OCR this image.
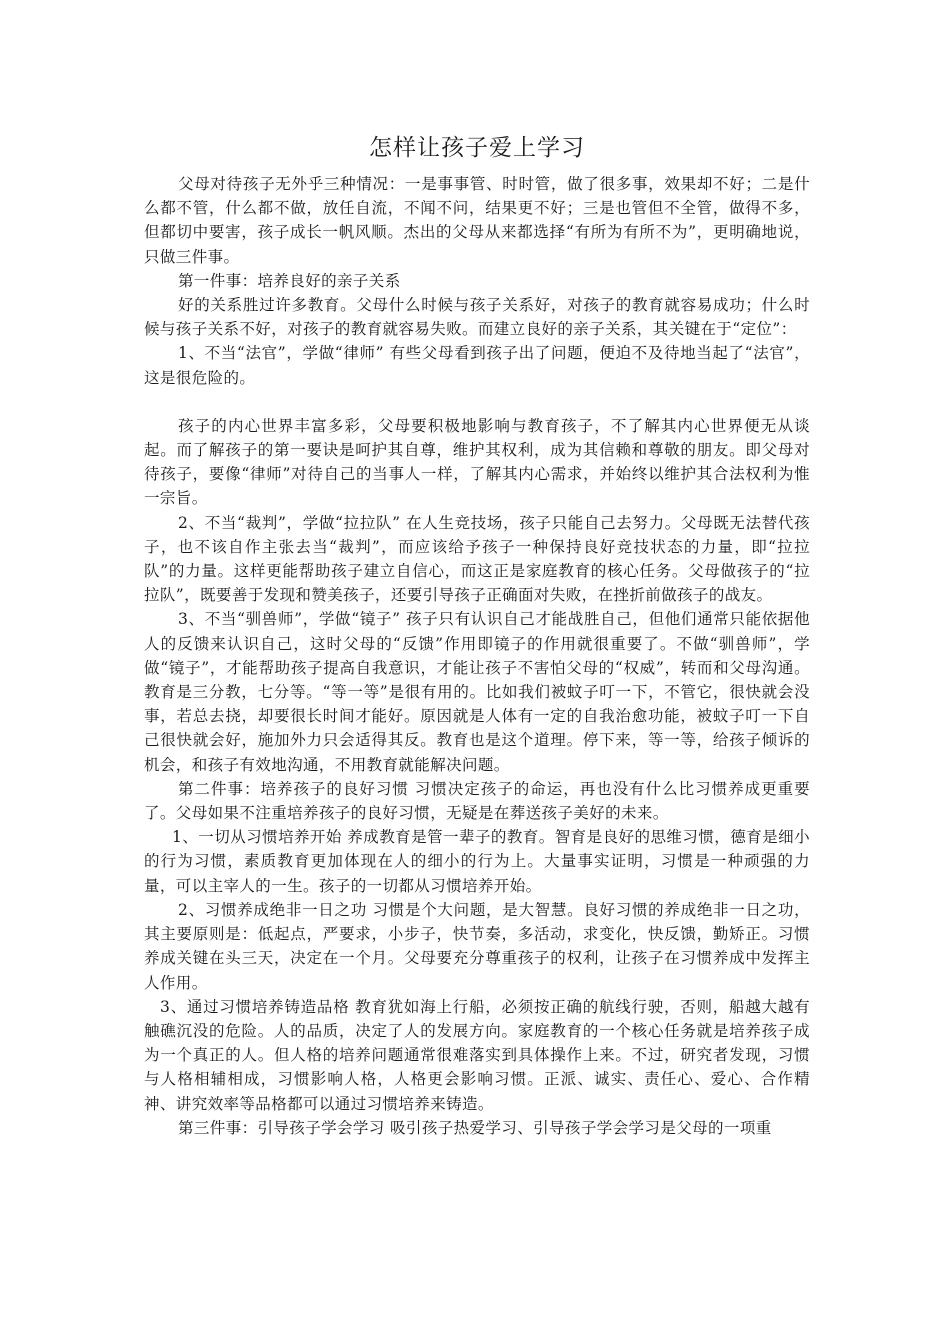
怎样让孩子爱上学习

父母对待孩子无外乎三种情况：一是事事管、时时管，做了很多事，效果却不好；二是什么都不管，什么都不做，放任自流，不闻不问，结果更不好；三是也管但不全管，做得不多，但都切中要害，孩子成长一帆风顺。杰出的父母从来都选择“有所为有所不为”，更明确地说，只做三件事。

第一件事：培养良好的亲子关系

好的关系胜过许多教育。父母什么时候与孩子关系好，对孩子的教育就容易成功；什么时候与孩子关系不好，对孩子的教育就容易失败。而建立良好的亲子关系，其关键在于“定位”：

1、不当“法官”，学做“律师” 有些父母看到孩子出了问题，便迫不及待地当起了“法官”，这是很危险的。

孩子的内心世界丰富多彩，父母要积极地影响与教育孩子，不了解其内心世界便无从谈起。而了解孩子的第一要诀是呵护其自尊，维护其权利，成为其信赖和尊敬的朋友。即父母对待孩子，要像“律师”对待自己的当事人一样，了解其内心需求，并始终以维护其合法权利为惟一宗旨。

2、不当“裁判”，学做“拉拉队” 在人生竞技场，孩子只能自己去努力。父母既无法替代孩子，也不该自作主张去当“裁判”，而应该给予孩子一种保持良好竞技状态的力量，即“拉拉队”的力量。这样更能帮助孩子建立自信心，而这正是家庭教育的核心任务。父母做孩子的“拉拉队”，既要善于发现和赞美孩子，还要引导孩子正确面对失败，在挫折前做孩子的战友。

3、不当“驯兽师”，学做“镜子” 孩子只有认识自己才能战胜自己，但他们通常只能依据他人的反馈来认识自己，这时父母的“反馈”作用即镜子的作用就很重要了。不做“驯兽师”，学做“镜子”，才能帮助孩子提高自我意识，才能让孩子不害怕父母的“权威”，转而和父母沟通。教育是三分教，七分等。“等一等”是很有用的。比如我们被蚊子叮一下，不管它，很快就会没事，若总去挠，却要很长时间才能好。原因就是人体有一定的自我治愈功能，被蚊子叮一下自己很快就会好，施加外力只会适得其反。教育也是这个道理。停下来，等一等，给孩子倾诉的机会，和孩子有效地沟通，不用教育就能解决问题。

第二件事：培养孩子的良好习惯 习惯决定孩子的命运，再也没有什么比习惯养成更重要了。父母如果不注重培养孩子的良好习惯，无疑是在葬送孩子美好的未来。

1、一切从习惯培养开始 养成教育是管一辈子的教育。智育是良好的思维习惯，德育是细小的行为习惯，素质教育更加体现在人的细小的行为上。大量事实证明，习惯是一种顽强的力量，可以主宰人的一生。孩子的一切都从习惯培养开始。

2、习惯养成绝非一日之功 习惯是个大问题，是大智慧。良好习惯的养成绝非一日之功，其主要原则是：低起点，严要求，小步子，快节奏，多活动，求变化，快反馈，勤矫正。习惯养成关键在头三天，决定在一个月。父母要充分尊重孩子的权利，让孩子在习惯养成中发挥主人作用。

3、通过习惯培养铸造品格 教育犹如海上行船，必须按正确的航线行驶，否则，船越大越有触礁沉没的危险。人的品质，决定了人的发展方向。家庭教育的一个核心任务就是培养孩子成为一个真正的人。但人格的培养问题通常很难落实到具体操作上来。不过，研究者发现，习惯与人格相辅相成，习惯影响人格，人格更会影响习惯。正派、诚实、责任心、爱心、合作精神、讲究效率等品格都可以通过习惯培养来铸造。

第三件事：引导孩子学会学习 吸引孩子热爱学习、引导孩子学会学习是父母的一项重
